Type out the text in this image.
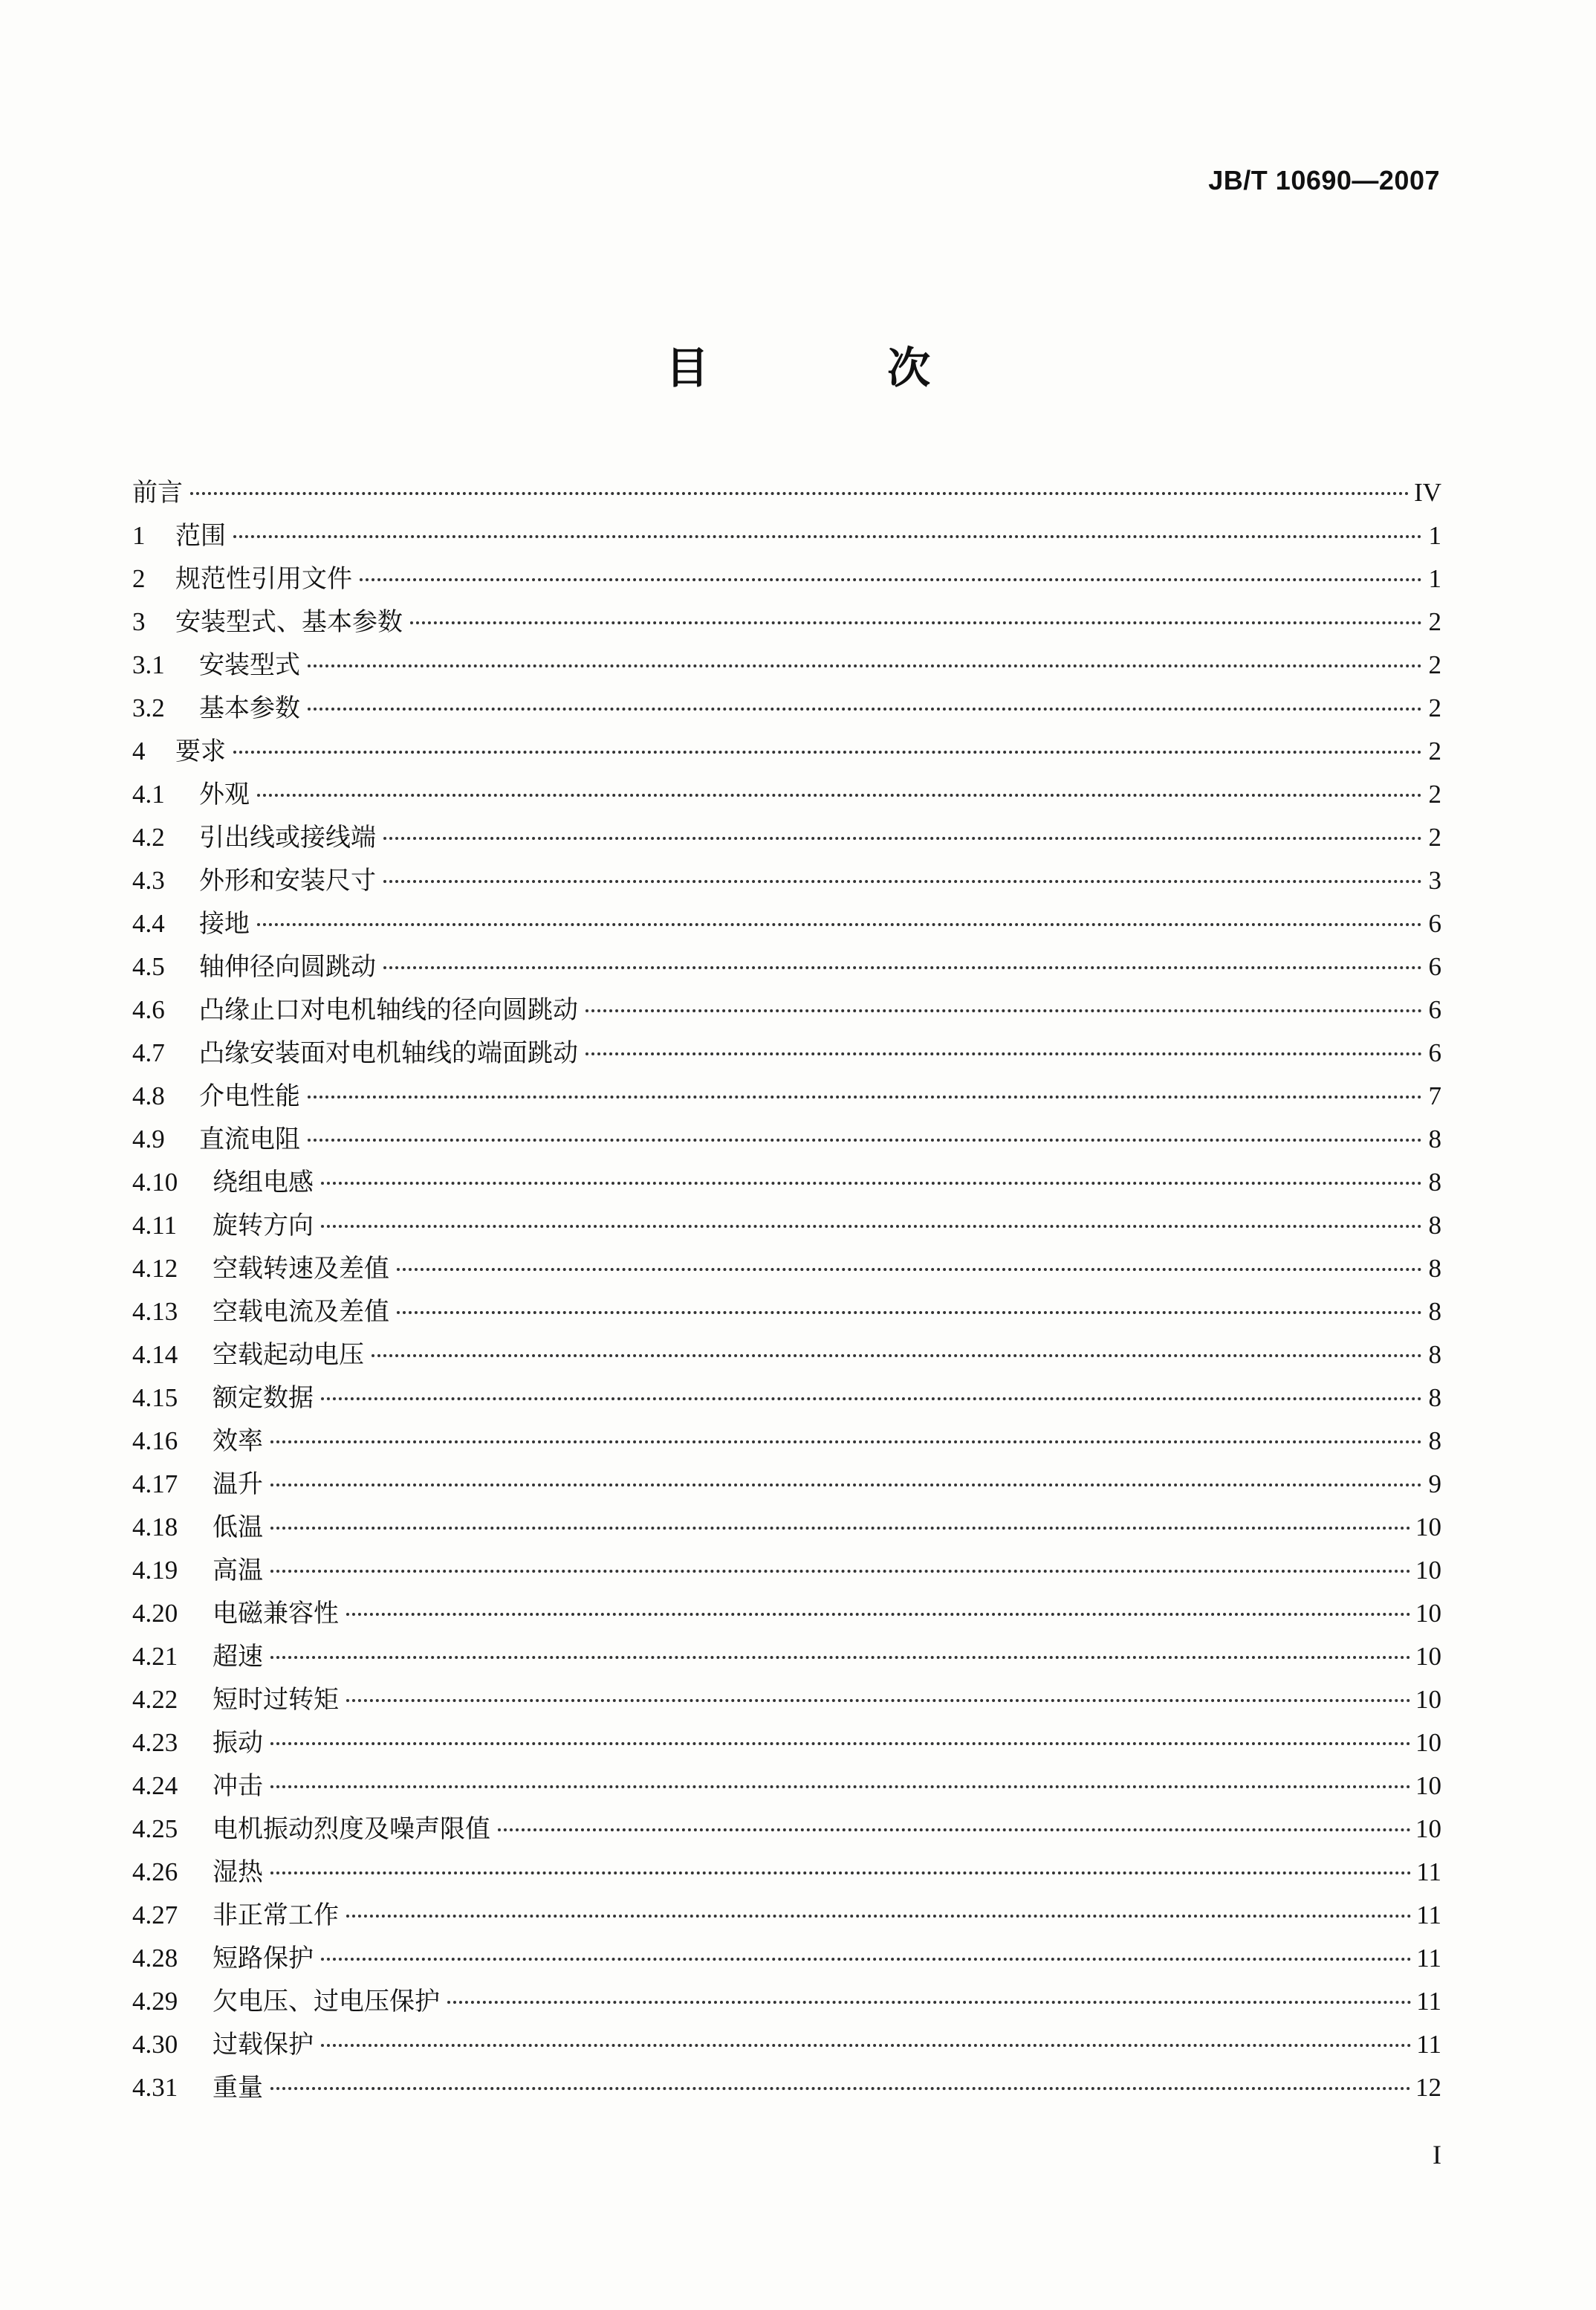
JB/T 10690—2007
目 次
前言	IV
1	范围	1
2	规范性引用文件	1
3	安装型式、基本参数	2
3.1	安装型式	2
3.2	基本参数	2
4	要求	2
4.1	外观	2
4.2	引出线或接线端	2
4.3	外形和安装尺寸	3
4.4	接地	6
4.5	轴伸径向圆跳动	6
4.6	凸缘止口对电机轴线的径向圆跳动	6
4.7	凸缘安装面对电机轴线的端面跳动	6
4.8	介电性能	7
4.9	直流电阻	8
4.10	绕组电感	8
4.11	旋转方向	8
4.12	空载转速及差值	8
4.13	空载电流及差值	8
4.14	空载起动电压	8
4.15	额定数据	8
4.16	效率	8
4.17	温升	9
4.18	低温	10
4.19	高温	10
4.20	电磁兼容性	10
4.21	超速	10
4.22	短时过转矩	10
4.23	振动	10
4.24	冲击	10
4.25	电机振动烈度及噪声限值	10
4.26	湿热	11
4.27	非正常工作	11
4.28	短路保护	11
4.29	欠电压、过电压保护	11
4.30	过载保护	11
4.31	重量	12
I
